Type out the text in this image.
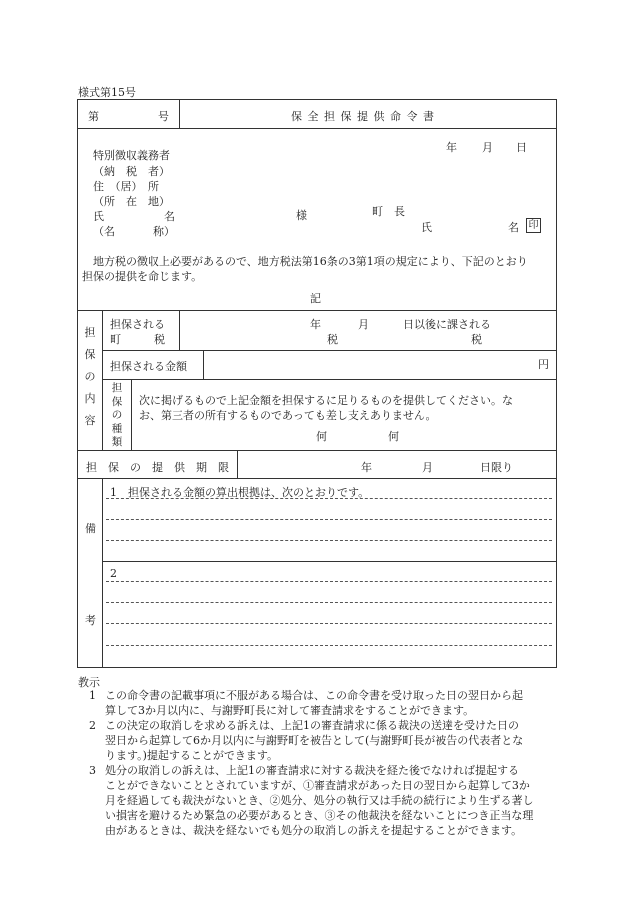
様式第15号
第	号	保 全 担 保 提 供 命 令 書
年 月 日
特別徴収義務者
（納　税　者）
住　（居）　所
（所　在　地）
氏	名
（名	称）
様	町　長
氏	名 印
地方税の徴収上必要があるので、地方税法第16条の3第1項の規定により、下記のとおり
担保の提供を命じます。
記
担
保
の
内
容
担保される
町　　　税
年	月	日以後に課される
税	税
担保される金額	円
担
保
の
種
類
次に掲げるもので上記金額を担保するに足りるものを提供してください。な
お、第三者の所有するものであっても差し支えありません。
何	何
担　保　の　提　供　期　限	年	月	日限り
備
考
1　担保される金額の算出根拠は、次のとおりです。
2
教示
1 この命令書の記載事項に不服がある場合は、この命令書を受け取った日の翌日から起
算して3か月以内に、与謝野町長に対して審査請求をすることができます。
2 この決定の取消しを求める訴えは、上記1の審査請求に係る裁決の送達を受けた日の
翌日から起算して6か月以内に与謝野町を被告として(与謝野町長が被告の代表者とな
ります。)提起することができます。
3 処分の取消しの訴えは、上記1の審査請求に対する裁決を経た後でなければ提起する
ことができないこととされていますが、①審査請求があった日の翌日から起算して3か
月を経過しても裁決がないとき、②処分、処分の執行又は手続の続行により生ずる著し
い損害を避けるため緊急の必要があるとき、③その他裁決を経ないことにつき正当な理
由があるときは、裁決を経ないでも処分の取消しの訴えを提起することができます。
